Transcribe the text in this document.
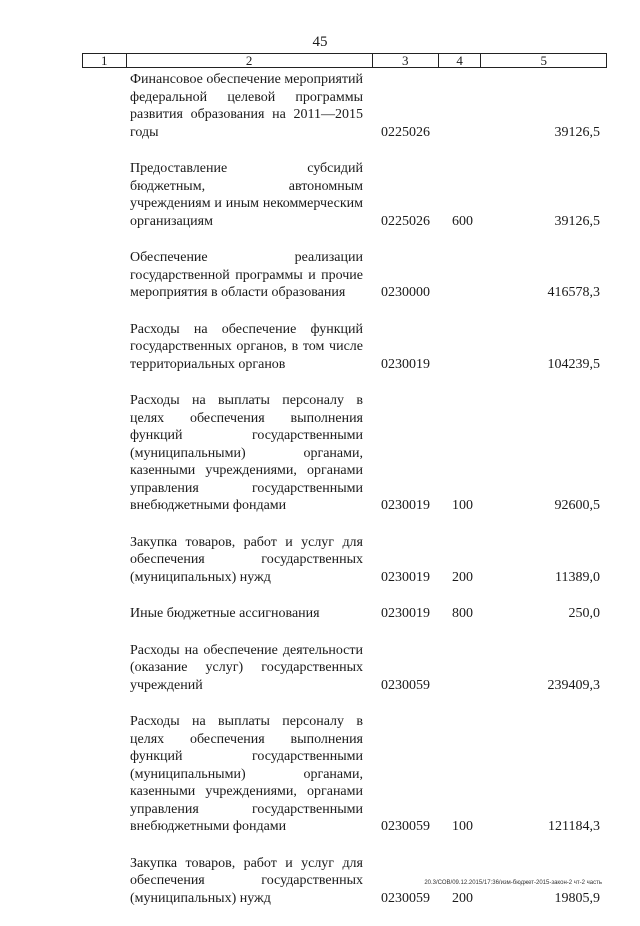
45
1	2	3	4	5
Финансовое обеспечение мероприятий федеральной целевой программы развития образования на 2011—2015 годы	0225026	39126,5
Предоставление субсидий бюджетным, автономным учреждениям и иным некоммерческим организациям	0225026 600	39126,5
Обеспечение реализации государственной программы и прочие мероприятия в области образования	0230000	416578,3
Расходы на обеспечение функций государственных органов, в том числе территориальных органов	0230019	104239,5
Расходы на выплаты персоналу в целях обеспечения выполнения функций государственными (муниципальными) органами, казенными учреждениями, органами управления государственными внебюджетными фондами	0230019 100	92600,5
Закупка товаров, работ и услуг для обеспечения государственных (муниципальных) нужд	0230019 200	11389,0
Иные бюджетные ассигнования	0230019 800	250,0
Расходы на обеспечение деятельности (оказание услуг) государственных учреждений	0230059	239409,3
Расходы на выплаты персоналу в целях обеспечения выполнения функций государственными (муниципальными) органами, казенными учреждениями, органами управления государственными внебюджетными фондами	0230059 100	121184,3
Закупка товаров, работ и услуг для обеспечения государственных (муниципальных) нужд	0230059 200	19805,9
20.3/СОВ/09.12.2015/17:36/изм-бюджет-2015-закон-2 чт-2 часть
